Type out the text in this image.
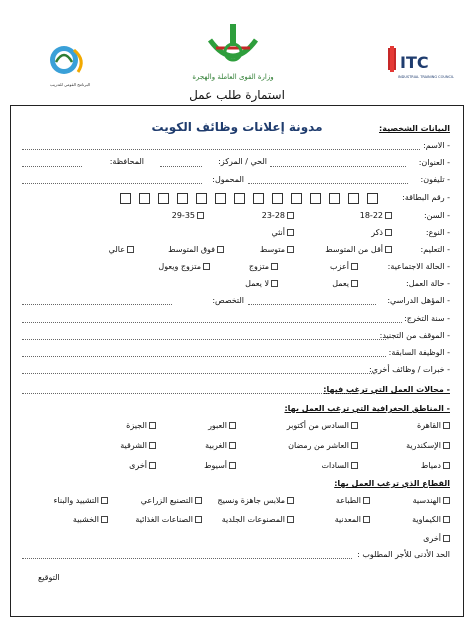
البرنامج القومي للتدريب
وزارة القوى العاملة والهجرة
ITC
INDUSTRIAL TRAINING COUNCIL
استمارة طلب عمل
مدونة إعلانات وظائف الكويت	البيانات الشخصية:
- الاسم:
- العنوان:
الحي / المركز:
المحافظة:
- تليفون:
المحمول:
- رقم البطاقة:
- السن:
18-22
23-28
29-35
- النوع:
ذكر
أنثي
- التعليم:
أقل من المتوسط
متوسط
فوق المتوسط
عالي
- الحالة الاجتماعية:
أعزب
متزوج
متزوج ويعول
- حالة العمل:
يعمل
لا يعمل
- المؤهل الدراسي:
التخصص:
- سنة التخرج:
- الموقف من التجنيد:
- الوظيفة السابقة:
- خبرات / وظائف أخري:
- مجالات العمل التي ترغب فيها:
- المناطق الجغرافية التي ترغب العمل بها:
القطاع الذي ترغب العمل بها:
الحد الأدنى للأجر المطلوب :
التوقيع
القاهرة
السادس من أكتوبر
العبور
الجيزة
الإسكندرية
العاشر من رمضان
الغربية
الشرقية
دمياط
السادات
أسيوط
أخرى
الهندسية
الطباعة
ملابس جاهزة ونسيج
التصنيع الزراعي
التشييد والبناء
الكيماوية
المعدنية
المصنوعات الجلدية
الصناعات الغذائية
الخشبية
أخرى
